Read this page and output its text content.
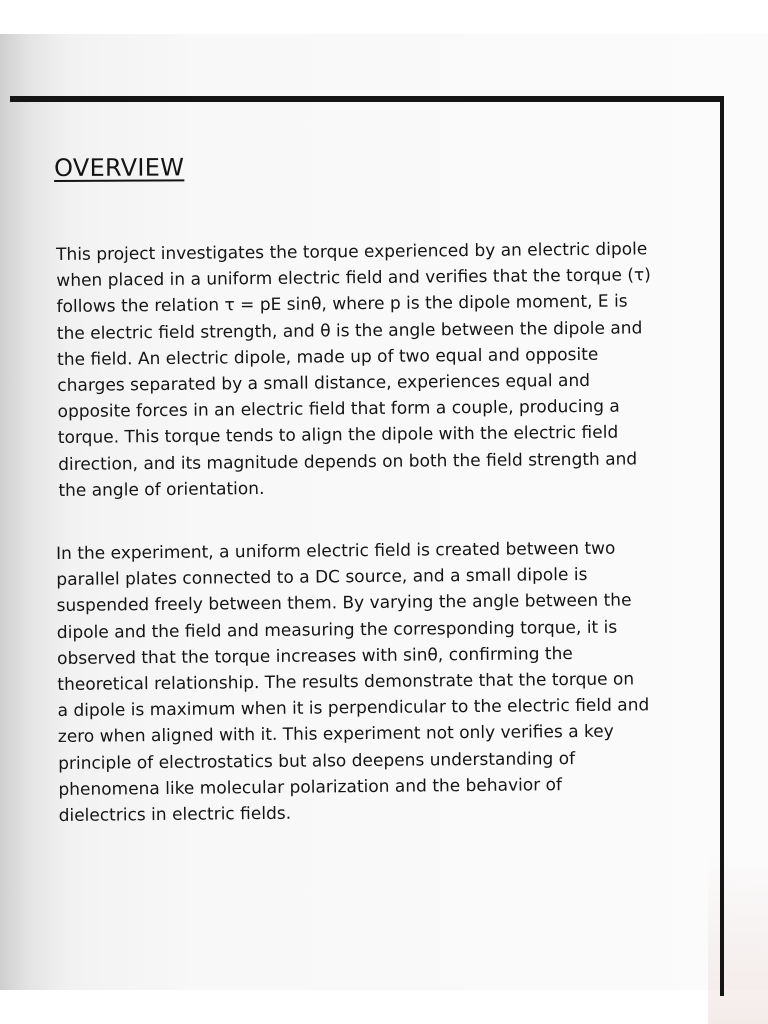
OVERVIEW
This project investigates the torque experienced by an electric dipole
when placed in a uniform electric field and verifies that the torque (τ)
follows the relation τ = pE sinθ, where p is the dipole moment, E is
the electric field strength, and θ is the angle between the dipole and
the field. An electric dipole, made up of two equal and opposite
charges separated by a small distance, experiences equal and
opposite forces in an electric field that form a couple, producing a
torque. This torque tends to align the dipole with the electric field
direction, and its magnitude depends on both the field strength and
the angle of orientation.
In the experiment, a uniform electric field is created between two
parallel plates connected to a DC source, and a small dipole is
suspended freely between them. By varying the angle between the
dipole and the field and measuring the corresponding torque, it is
observed that the torque increases with sinθ, confirming the
theoretical relationship. The results demonstrate that the torque on
a dipole is maximum when it is perpendicular to the electric field and
zero when aligned with it. This experiment not only verifies a key
principle of electrostatics but also deepens understanding of
phenomena like molecular polarization and the behavior of
dielectrics in electric fields.
